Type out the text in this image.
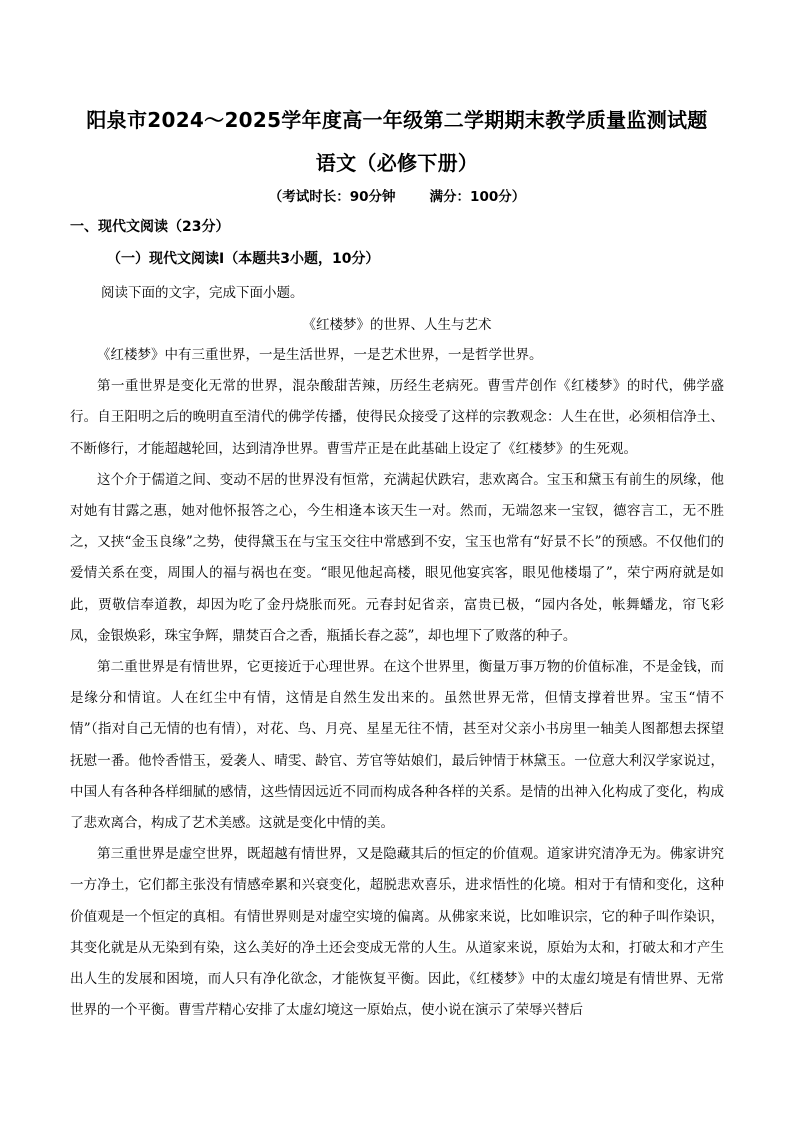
阳泉市2024～2025学年度高一年级第二学期期末教学质量监测试题
语文（必修下册）
（考试时长：90分钟	满分：100分）
一、现代文阅读（23分）
（一）现代文阅读Ⅰ（本题共3小题，10分）
阅读下面的文字，完成下面小题。
《红楼梦》的世界、人生与艺术

《红楼梦》中有三重世界，一是生活世界，一是艺术世界，一是哲学世界。

第一重世界是变化无常的世界，混杂酸甜苦辣，历经生老病死。曹雪芹创作《红楼梦》的时代，佛学盛行。自王阳明之后的晚明直至清代的佛学传播，使得民众接受了这样的宗教观念：人生在世，必须相信净土、不断修行，才能超越轮回，达到清净世界。曹雪芹正是在此基础上设定了《红楼梦》的生死观。

这个介于儒道之间、变动不居的世界没有恒常，充满起伏跌宕，悲欢离合。宝玉和黛玉有前生的夙缘，他对她有甘露之惠，她对他怀报答之心，今生相逢本该天生一对。然而，无端忽来一宝钗，德容言工，无不胜之，又挟“金玉良缘”之势，使得黛玉在与宝玉交往中常感到不安，宝玉也常有“好景不长”的预感。不仅他们的爱情关系在变，周围人的福与祸也在变。“眼见他起高楼，眼见他宴宾客，眼见他楼塌了”，荣宁两府就是如此，贾敬信奉道教，却因为吃了金丹烧胀而死。元春封妃省亲，富贵已极，“园内各处，帐舞蟠龙，帘飞彩凤，金银焕彩，珠宝争辉，鼎焚百合之香，瓶插长春之蕊”，却也埋下了败落的种子。

第二重世界是有情世界，它更接近于心理世界。在这个世界里，衡量万事万物的价值标准，不是金钱，而是缘分和情谊。人在红尘中有情，这情是自然生发出来的。虽然世界无常，但情支撑着世界。宝玉“情不情”（指对自己无情的也有情），对花、鸟、月亮、星星无往不情，甚至对父亲小书房里一轴美人图都想去探望抚慰一番。他怜香惜玉，爱袭人、晴雯、龄官、芳官等姑娘们，最后钟情于林黛玉。一位意大利汉学家说过，中国人有各种各样细腻的感情，这些情因远近不同而构成各种各样的关系。是情的出神入化构成了变化，构成了悲欢离合，构成了艺术美感。这就是变化中情的美。

第三重世界是虚空世界，既超越有情世界，又是隐藏其后的恒定的价值观。道家讲究清净无为。佛家讲究一方净土，它们都主张没有情感牵累和兴衰变化，超脱悲欢喜乐，进求悟性的化境。相对于有情和变化，这种价值观是一个恒定的真相。有情世界则是对虚空实境的偏离。从佛家来说，比如唯识宗，它的种子叫作染识，其变化就是从无染到有染，这么美好的净土还会变成无常的人生。从道家来说，原始为太和，打破太和才产生出人生的发展和困境，而人只有净化欲念，才能恢复平衡。因此，《红楼梦》中的太虚幻境是有情世界、无常世界的一个平衡。曹雪芹精心安排了太虚幻境这一原始点，使小说在演示了荣辱兴替后
